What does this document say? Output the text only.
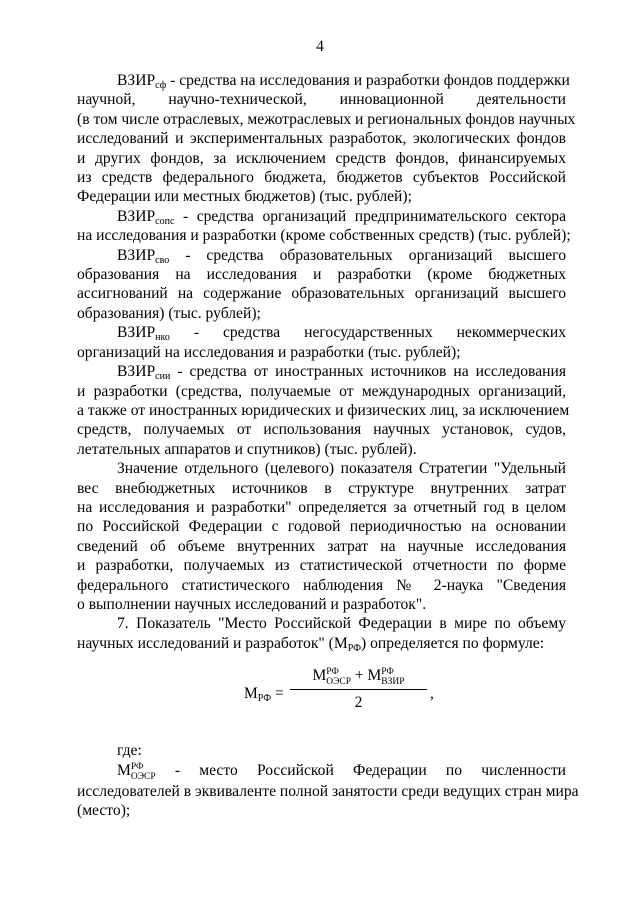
4
$ВЗИР_{сф}$ - средства на исследования и разработки фондов поддержки
научной, научно-технической, инновационной деятельности
(в том числе отраслевых, межотраслевых и региональных фондов научных
исследований и экспериментальных разработок, экологических фондов
и других фондов, за исключением средств фондов, финансируемых
из средств федерального бюджета, бюджетов субъектов Российской
Федерации или местных бюджетов) (тыс. рублей);
$ВЗИР_{сопс}$ - средства организаций предпринимательского сектора
на исследования и разработки (кроме собственных средств) (тыс. рублей);
$ВЗИР_{сво}$ - средства образовательных организаций высшего
образования на исследования и разработки (кроме бюджетных
ассигнований на содержание образовательных организаций высшего
образования) (тыс. рублей);
$ВЗИР_{нко}$ - средства негосударственных некоммерческих
организаций на исследования и разработки (тыс. рублей);
$ВЗИР_{сии}$ - средства от иностранных источников на исследования
и разработки (средства, получаемые от международных организаций,
а также от иностранных юридических и физических лиц, за исключением
средств, получаемых от использования научных установок, судов,
летательных аппаратов и спутников) (тыс. рублей).
Значение отдельного (целевого) показателя Стратегии "Удельный
вес внебюджетных источников в структуре внутренних затрат
на исследования и разработки" определяется за отчетный год в целом
по Российской Федерации с годовой периодичностью на основании
сведений об объеме внутренних затрат на научные исследования
и разработки, получаемых из статистической отчетности по форме
федерального статистического наблюдения № 2-наука "Сведения
о выполнении научных исследований и разработок".
7. Показатель "Место Российской Федерации в мире по объему
научных исследований и разработок" $(М_{РФ})$ определяется по формуле:
$М_{РФ}$ =
М РФ
ОЭСР + М РФ
ВЗИР
2
,
где:
М РФ
ОЭСР - место Российской Федерации по численности
исследователей в эквиваленте полной занятости среди ведущих стран мира
(место);
